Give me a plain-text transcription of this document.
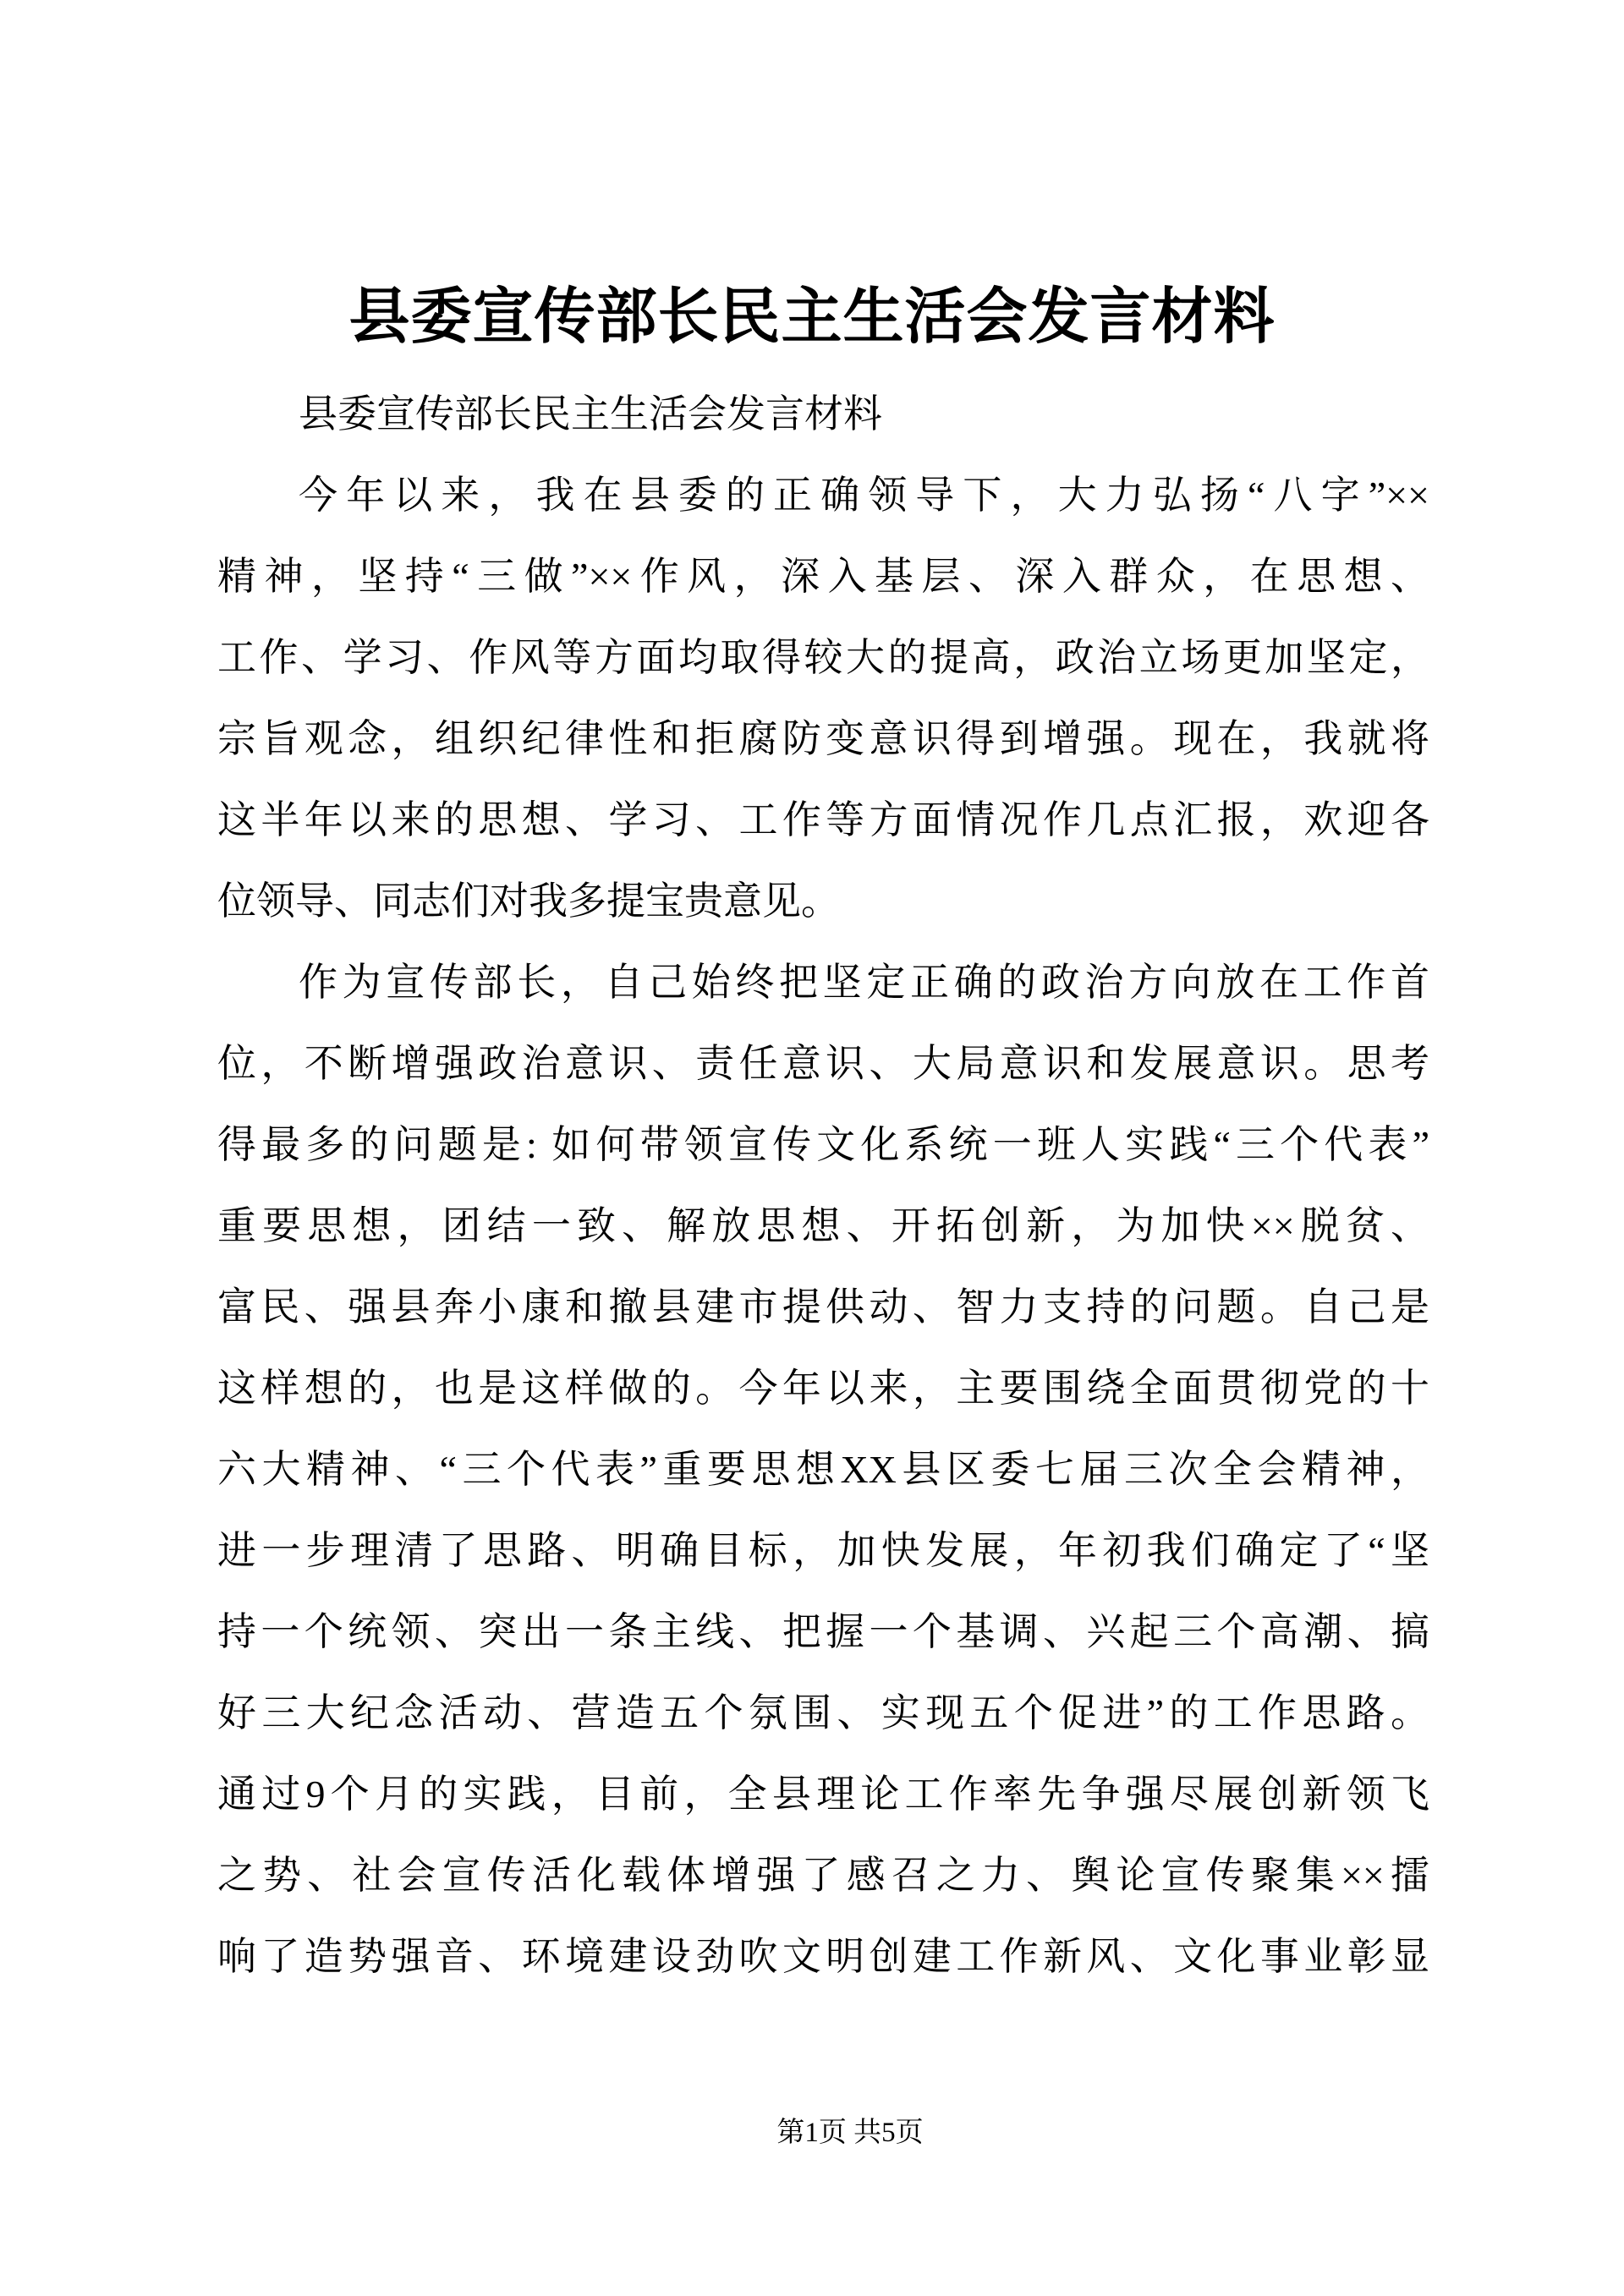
县委宣传部长民主生活会发言材料
县委宣传部长民主生活会发言材料
今年以来，我在县委的正确领导下，大力弘扬“八字”××
精神，坚持“三做”××作风，深入基层、深入群众，在思想、
工作、学习、作风等方面均取得较大的提高，政治立场更加坚定，
宗旨观念，组织纪律性和拒腐防变意识得到增强。现在，我就将
这半年以来的思想、学习、工作等方面情况作几点汇报，欢迎各
位领导、同志们对我多提宝贵意见。
作为宣传部长，自己始终把坚定正确的政治方向放在工作首
位，不断增强政治意识、责任意识、大局意识和发展意识。思考
得最多的问题是: 如何带领宣传文化系统一班人实践“三个代表”
重要思想，团结一致、解放思想、开拓创新，为加快××脱贫、
富民、强县奔小康和撤县建市提供动、智力支持的问题。自己是
这样想的，也是这样做的。今年以来，主要围绕全面贯彻党的十
六大精神、“三个代表”重要思想XX县区委七届三次全会精神，
进一步理清了思路、明确目标，加快发展，年初我们确定了“坚
持一个统领、突出一条主线、把握一个基调、兴起三个高潮、搞
好三大纪念活动、营造五个氛围、实现五个促进”的工作思路。
通过9个月的实践，目前，全县理论工作率先争强尽展创新领飞
之势、社会宣传活化载体增强了感召之力、舆论宣传聚集××擂
响了造势强音、环境建设劲吹文明创建工作新风、文化事业彰显
第1页 共5页
